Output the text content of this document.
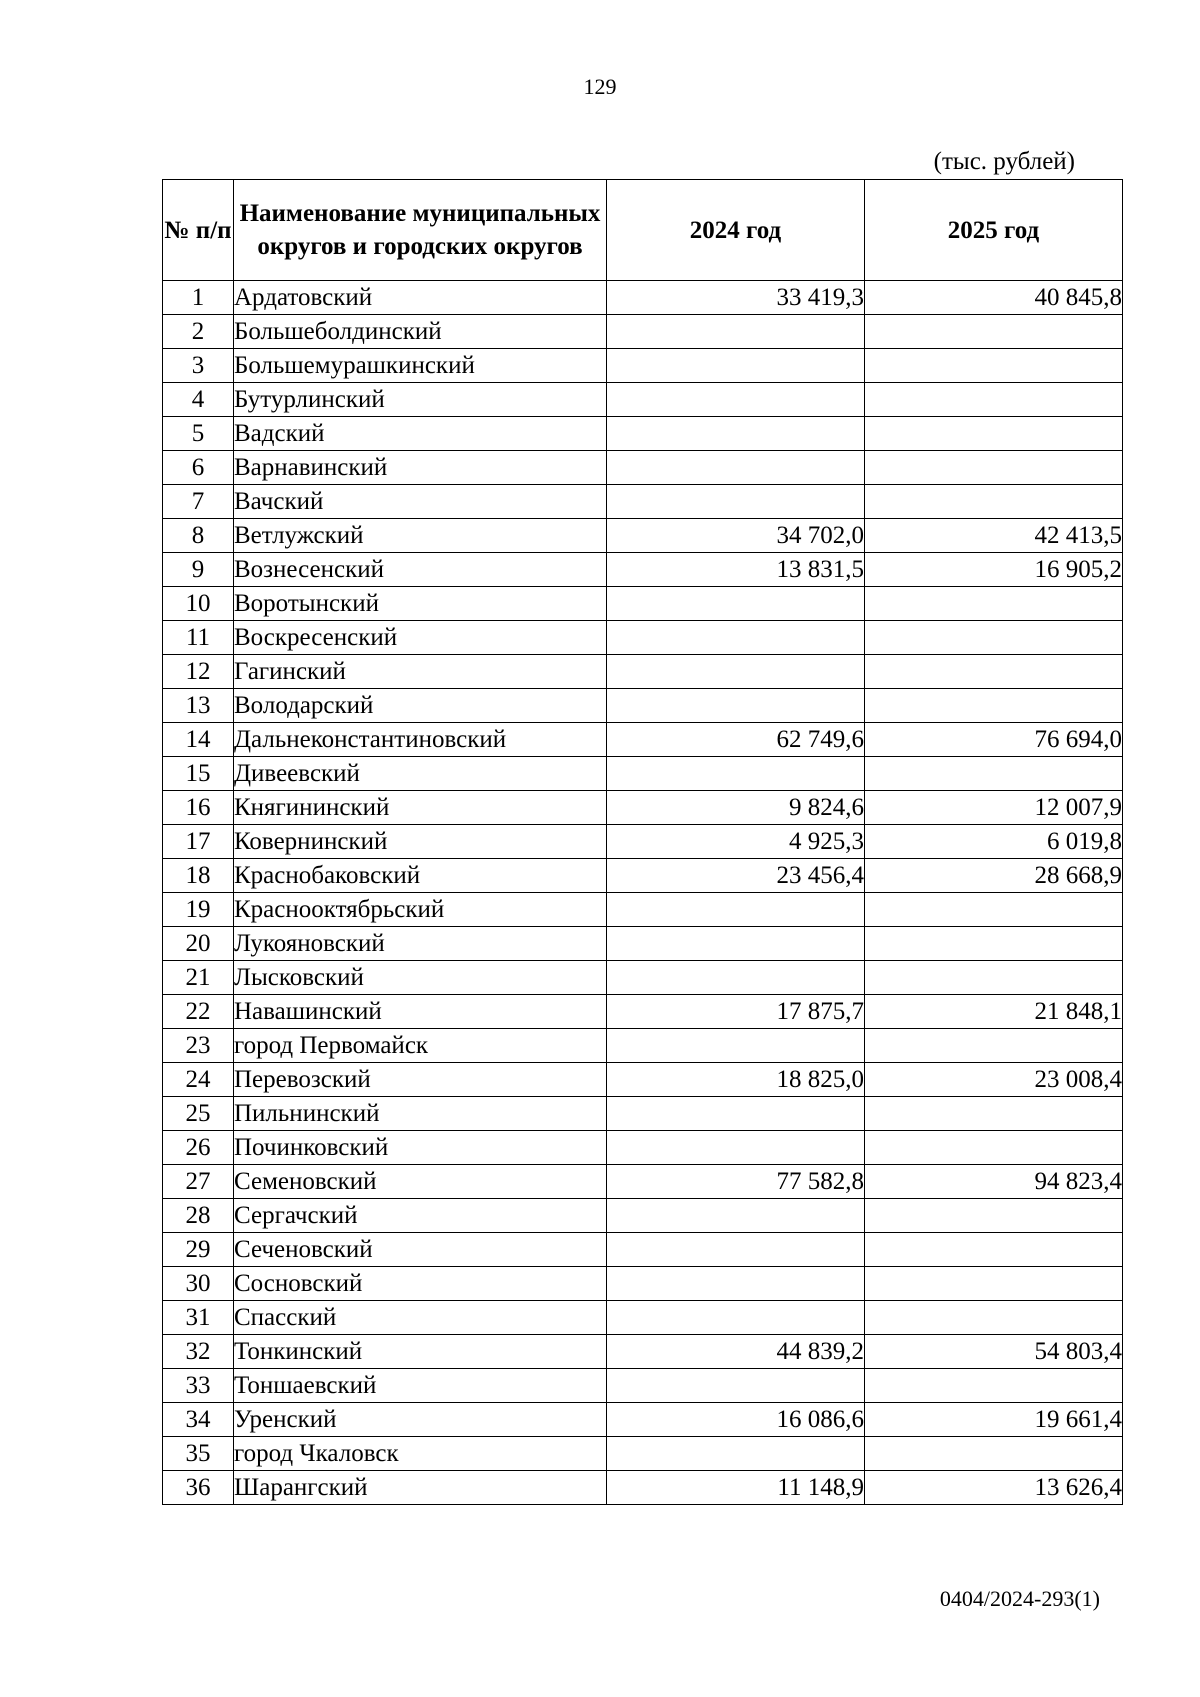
129
(тыс. рублей)
№ п/п	Наименование муниципальных округов и городских округов	2024 год	2025 год
1	Ардатовский	33 419,3	40 845,8
2	Большеболдинский		
3	Большемурашкинский		
4	Бутурлинский		
5	Вадский		
6	Варнавинский		
7	Вачский		
8	Ветлужский	34 702,0	42 413,5
9	Вознесенский	13 831,5	16 905,2
10	Воротынский		
11	Воскресенский		
12	Гагинский		
13	Володарский		
14	Дальнеконстантиновский	62 749,6	76 694,0
15	Дивеевский		
16	Княгининский	9 824,6	12 007,9
17	Ковернинский	4 925,3	6 019,8
18	Краснобаковский	23 456,4	28 668,9
19	Краснооктябрьский		
20	Лукояновский		
21	Лысковский		
22	Навашинский	17 875,7	21 848,1
23	город Первомайск		
24	Перевозский	18 825,0	23 008,4
25	Пильнинский		
26	Починковский		
27	Семеновский	77 582,8	94 823,4
28	Сергачский		
29	Сеченовский		
30	Сосновский		
31	Спасский		
32	Тонкинский	44 839,2	54 803,4
33	Тоншаевский		
34	Уренский	16 086,6	19 661,4
35	город Чкаловск		
36	Шарангский	11 148,9	13 626,4
0404/2024-293(1)
